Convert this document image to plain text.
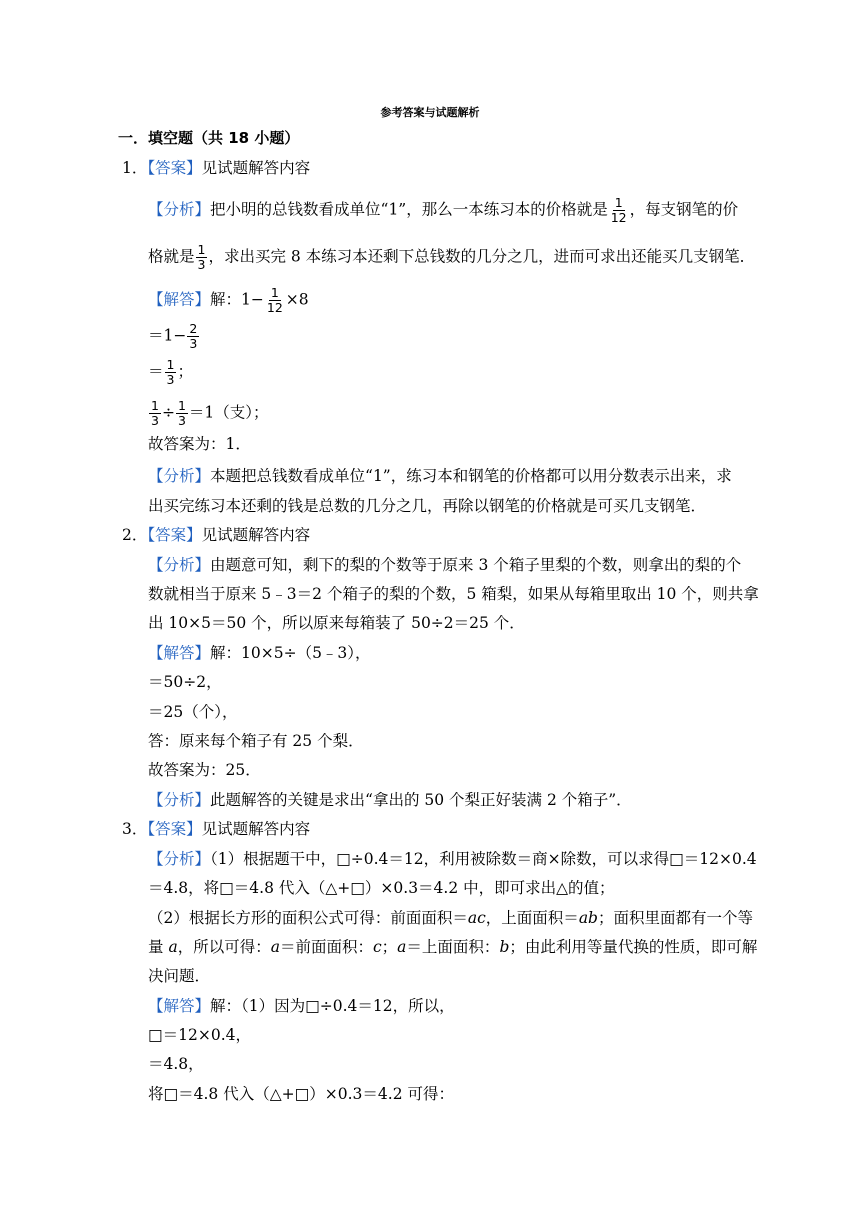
参考答案与试题解析
一．填空题（共 18 小题）
1．【答案】见试题解答内容
【分析】把小明的总钱数看成单位“1”，那么一本练习本的价格就是 $\frac{1}{12}$ ，每支钢笔的价
格就是 $\frac{1}{3}$ ，求出买完 8 本练习本还剩下总钱数的几分之几，进而可求出还能买几支钢笔．
【解答】解：$1- \frac{1}{12} \times 8$
$=1- \frac{2}{3}$
＝ $\frac{1}{3}$ ；
$\frac{1}{3} \div \frac{1}{3} =1$（支）；
故答案为：1．
【分析】本题把总钱数看成单位“1”，练习本和钢笔的价格都可以用分数表示出来，求
出买完练习本还剩的钱是总数的几分之几，再除以钢笔的价格就是可买几支钢笔．
2．【答案】见试题解答内容
【分析】由题意可知，剩下的梨的个数等于原来 3 个箱子里梨的个数，则拿出的梨的个
数就相当于原来 5﹣3＝2 个箱子的梨的个数，5 箱梨，如果从每箱里取出 10 个，则共拿
出 10×5＝50 个，所以原来每箱装了 50÷2＝25 个．
【解答】解：10×5÷（5﹣3），
＝50÷2，
＝25（个），
答：原来每个箱子有 25 个梨．
故答案为：25．
【分析】此题解答的关键是求出“拿出的 50 个梨正好装满 2 个箱子”．
3．【答案】见试题解答内容
【分析】（1）根据题干中，□÷0.4＝12，利用被除数＝商×除数，可以求得□＝12×0.4
＝4.8，将□＝4.8 代入（△+□）×0.3＝4.2 中，即可求出△的值；
（2）根据长方形的面积公式可得：前面面积＝ac，上面面积＝ab；面积里面都有一个等
量 a，所以可得：a＝前面面积：c；a＝上面面积：b；由此利用等量代换的性质，即可解
决问题．
【解答】解：（1）因为□÷0.4＝12，所以，
□＝12×0.4，
＝4.8，
将□＝4.8 代入（△+□）×0.3＝4.2 可得：
